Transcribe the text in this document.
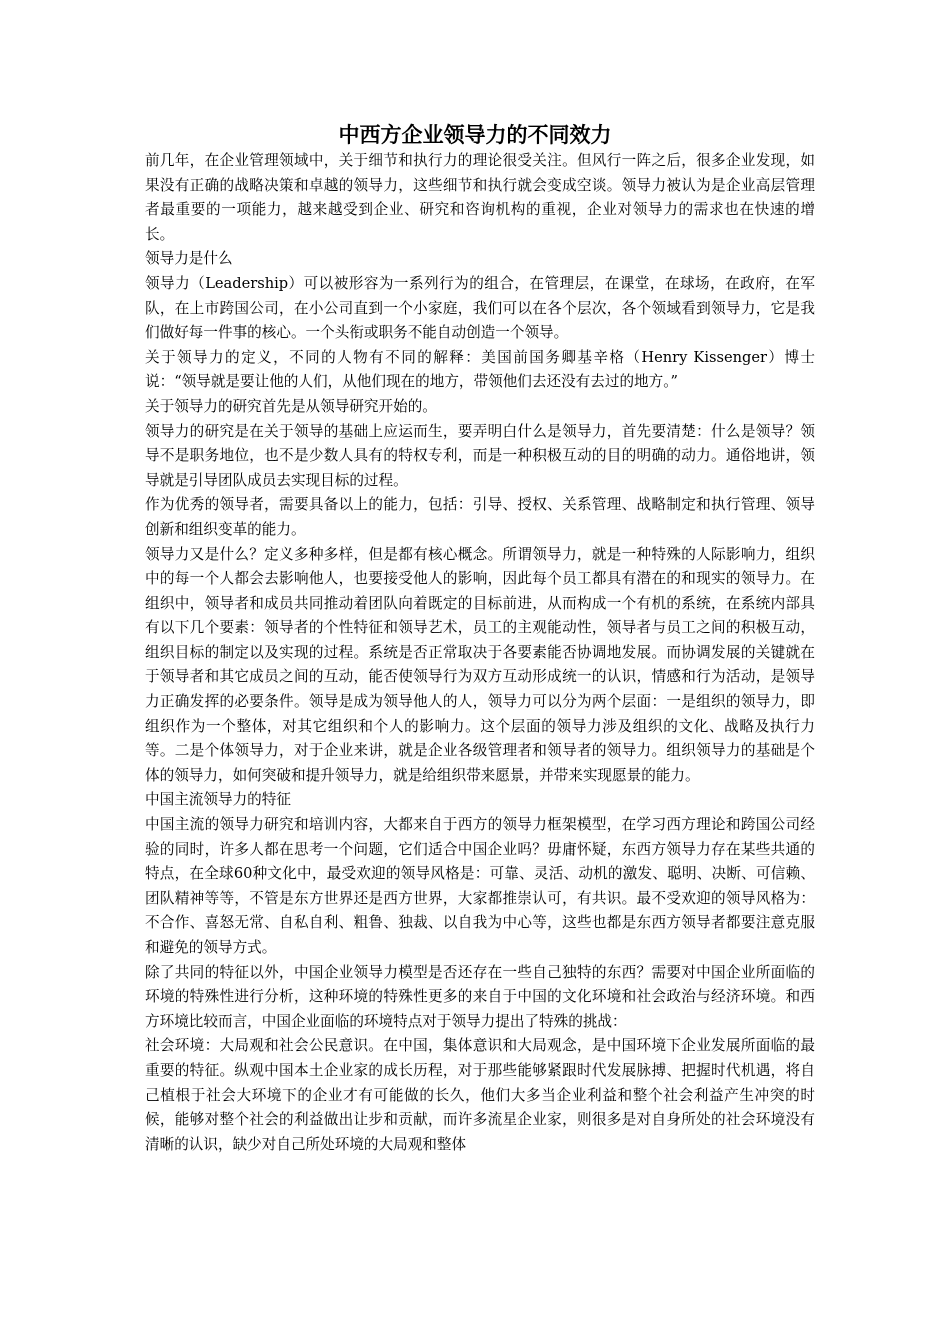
中西方企业领导力的不同效力

前几年，在企业管理领域中，关于细节和执行力的理论很受关注。但风行一阵之后，很多企业发现，如果没有正确的战略决策和卓越的领导力，这些细节和执行就会变成空谈。领导力被认为是企业高层管理者最重要的一项能力，越来越受到企业、研究和咨询机构的重视，企业对领导力的需求也在快速的增长。

领导力是什么

领导力（Leadership）可以被形容为一系列行为的组合，在管理层，在课堂，在球场，在政府，在军队，在上市跨国公司，在小公司直到一个小家庭，我们可以在各个层次，各个领域看到领导力，它是我们做好每一件事的核心。一个头衔或职务不能自动创造一个领导。

关于领导力的定义，不同的人物有不同的解释：美国前国务卿基辛格（Henry Kissenger）博士说：“领导就是要让他的人们，从他们现在的地方，带领他们去还没有去过的地方。”

关于领导力的研究首先是从领导研究开始的。

领导力的研究是在关于领导的基础上应运而生，要弄明白什么是领导力，首先要清楚：什么是领导？领导不是职务地位，也不是少数人具有的特权专利，而是一种积极互动的目的明确的动力。通俗地讲，领导就是引导团队成员去实现目标的过程。

作为优秀的领导者，需要具备以上的能力，包括：引导、授权、关系管理、战略制定和执行管理、领导创新和组织变革的能力。

领导力又是什么？定义多种多样，但是都有核心概念。所谓领导力，就是一种特殊的人际影响力，组织中的每一个人都会去影响他人，也要接受他人的影响，因此每个员工都具有潜在的和现实的领导力。在组织中，领导者和成员共同推动着团队向着既定的目标前进，从而构成一个有机的系统，在系统内部具有以下几个要素：领导者的个性特征和领导艺术，员工的主观能动性，领导者与员工之间的积极互动，组织目标的制定以及实现的过程。系统是否正常取决于各要素能否协调地发展。而协调发展的关键就在于领导者和其它成员之间的互动，能否使领导行为双方互动形成统一的认识，情感和行为活动，是领导力正确发挥的必要条件。领导是成为领导他人的人，领导力可以分为两个层面：一是组织的领导力，即组织作为一个整体，对其它组织和个人的影响力。这个层面的领导力涉及组织的文化、战略及执行力等。二是个体领导力，对于企业来讲，就是企业各级管理者和领导者的领导力。组织领导力的基础是个体的领导力，如何突破和提升领导力，就是给组织带来愿景，并带来实现愿景的能力。

中国主流领导力的特征

中国主流的领导力研究和培训内容，大都来自于西方的领导力框架模型，在学习西方理论和跨国公司经验的同时，许多人都在思考一个问题，它们适合中国企业吗？毋庸怀疑，东西方领导力存在某些共通的特点，在全球60种文化中，最受欢迎的领导风格是：可靠、灵活、动机的激发、聪明、决断、可信赖、团队精神等等，不管是东方世界还是西方世界，大家都推崇认可，有共识。最不受欢迎的领导风格为：不合作、喜怒无常、自私自利、粗鲁、独裁、以自我为中心等，这些也都是东西方领导者都要注意克服和避免的领导方式。

除了共同的特征以外，中国企业领导力模型是否还存在一些自己独特的东西？需要对中国企业所面临的环境的特殊性进行分析，这种环境的特殊性更多的来自于中国的文化环境和社会政治与经济环境。和西方环境比较而言，中国企业面临的环境特点对于领导力提出了特殊的挑战：

社会环境：大局观和社会公民意识。在中国，集体意识和大局观念，是中国环境下企业发展所面临的最重要的特征。纵观中国本土企业家的成长历程，对于那些能够紧跟时代发展脉搏、把握时代机遇，将自己植根于社会大环境下的企业才有可能做的长久，他们大多当企业利益和整个社会利益产生冲突的时候，能够对整个社会的利益做出让步和贡献，而许多流星企业家，则很多是对自身所处的社会环境没有清晰的认识，缺少对自己所处环境的大局观和整体
